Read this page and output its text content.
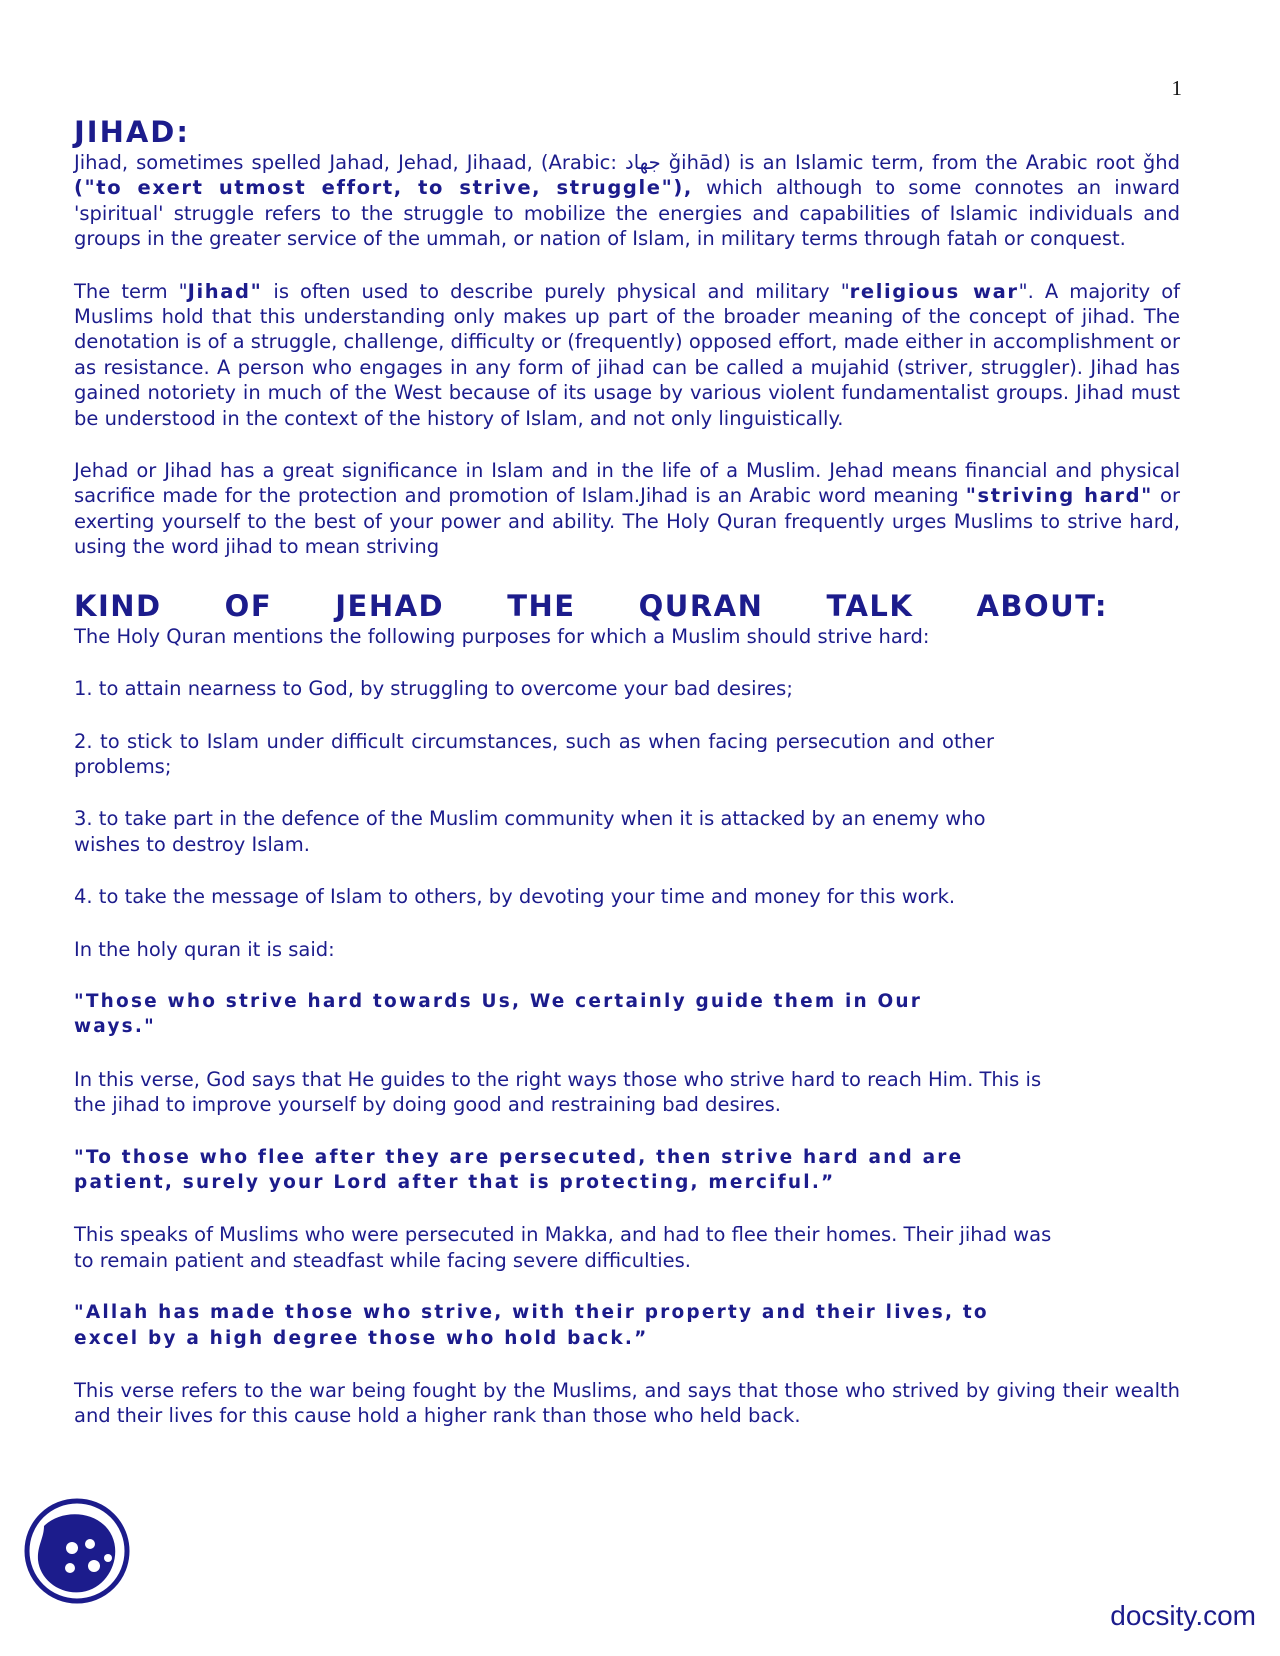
1
JIHAD:

Jihad, sometimes spelled Jahad, Jehad, Jihaad, (Arabic: جهاد ǧihād) is an Islamic term, from the Arabic root ǧhd ("to exert utmost effort, to strive, struggle"), which although to some connotes an inward 'spiritual' struggle refers to the struggle to mobilize the energies and capabilities of Islamic individuals and groups in the greater service of the ummah, or nation of Islam, in military terms through fatah or conquest.

The term "Jihad" is often used to describe purely physical and military "religious war". A majority of Muslims hold that this understanding only makes up part of the broader meaning of the concept of jihad. The denotation is of a struggle, challenge, difficulty or (frequently) opposed effort, made either in accomplishment or as resistance. A person who engages in any form of jihad can be called a mujahid (striver, struggler). Jihad has gained notoriety in much of the West because of its usage by various violent fundamentalist groups. Jihad must be understood in the context of the history of Islam, and not only linguistically.

Jehad or Jihad has a great significance in Islam and in the life of a Muslim. Jehad means financial and physical sacrifice made for the protection and promotion of Islam.Jihad is an Arabic word meaning "striving hard" or exerting yourself to the best of your power and ability. The Holy Quran frequently urges Muslims to strive hard, using the word jihad to mean striving

KIND OF JEHAD THE QURAN TALK ABOUT:

The Holy Quran mentions the following purposes for which a Muslim should strive hard:

1. to attain nearness to God, by struggling to overcome your bad desires;

2. to stick to Islam under difficult circumstances, such as when facing persecution and other problems;

3. to take part in the defence of the Muslim community when it is attacked by an enemy who wishes to destroy Islam.

4. to take the message of Islam to others, by devoting your time and money for this work.

In the holy quran it is said:

"Those who strive hard towards Us, We certainly guide them in Our ways."

In this verse, God says that He guides to the right ways those who strive hard to reach Him. This is the jihad to improve yourself by doing good and restraining bad desires.

"To those who flee after they are persecuted, then strive hard and are patient, surely your Lord after that is protecting, merciful.”

This speaks of Muslims who were persecuted in Makka, and had to flee their homes. Their jihad was to remain patient and steadfast while facing severe difficulties.

"Allah has made those who strive, with their property and their lives, to excel by a high degree those who hold back.”

This verse refers to the war being fought by the Muslims, and says that those who strived by giving their wealth and their lives for this cause hold a higher rank than those who held back.

docsity.com
